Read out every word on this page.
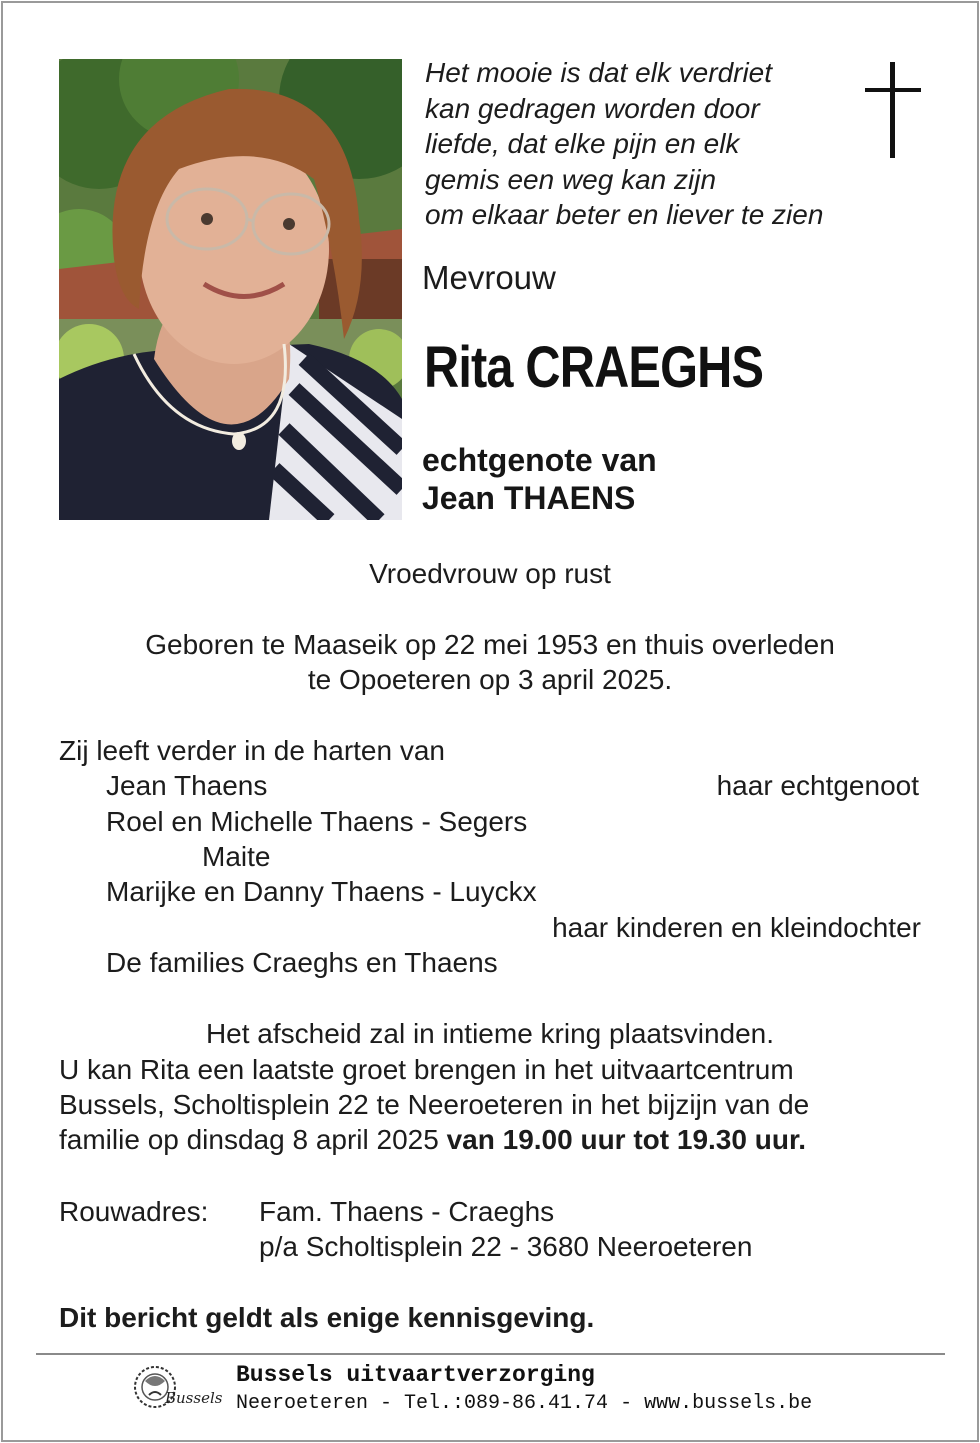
Het mooie is dat elk verdriet
kan gedragen worden door
liefde, dat elke pijn en elk
gemis een weg kan zijn
om elkaar beter en liever te zien
Mevrouw
Rita CRAEGHS
echtgenote van
Jean THAENS
Vroedvrouw op rust
Geboren te Maaseik op 22 mei 1953 en thuis overleden
te Opoeteren op 3 april 2025.
Zij leeft verder in de harten van
Jean Thaens	haar echtgenoot
Roel en Michelle Thaens - Segers
Maite
Marijke en Danny Thaens - Luyckx
haar kinderen en kleindochter
De families Craeghs en Thaens
Het afscheid zal in intieme kring plaatsvinden.
U kan Rita een laatste groet brengen in het uitvaartcentrum
Bussels, Scholtisplein 22 te Neeroeteren in het bijzijn van de
familie op dinsdag 8 april 2025 van 19.00 uur tot 19.30 uur.
Rouwadres: Fam. Thaens - Craeghs
p/a Scholtisplein 22 - 3680 Neeroeteren
Dit bericht geldt als enige kennisgeving.
Bussels
Bussels uitvaartverzorging
Neeroeteren - Tel.:089-86.41.74 - www.bussels.be
